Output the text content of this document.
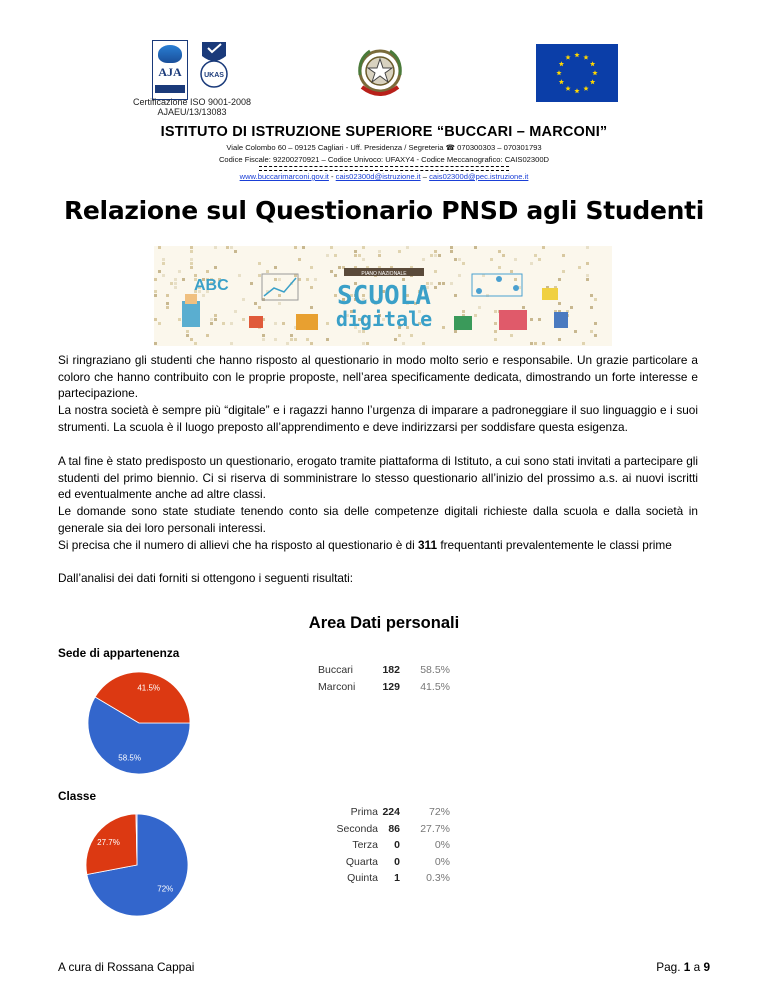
AJA	UKAS
Certificazione ISO 9001-2008
AJAEU/13/13083
ISTITUTO DI ISTRUZIONE SUPERIORE “BUCCARI – MARCONI”
Viale Colombo 60 – 09125 Cagliari - Uff. Presidenza / Segreteria ☎ 070300303 – 070301793
Codice Fiscale: 92200270921 – Codice Univoco: UFAXY4 - Codice Meccanografico: CAIS02300D
www.buccarimarconi.gov.it - cais02300d@istruzione.it – cais02300d@pec.istruzione.it
Relazione sul Questionario PNSD agli Studenti
ABC
PIANO NAZIONALE
SCUOLA
digitale
Si ringraziano gli studenti che hanno risposto al questionario in modo molto serio e responsabile. Un grazie particolare a coloro che hanno contribuito con le proprie proposte, nell’area specificamente dedicata, dimostrando un forte interesse e partecipazione.
La nostra società è sempre più “digitale” e i ragazzi hanno l’urgenza di imparare a padroneggiare il suo linguaggio e i suoi strumenti. La scuola è il luogo preposto all’apprendimento e deve indirizzarsi per soddisfare questa esigenza.
A tal fine è stato predisposto un questionario, erogato tramite piattaforma di Istituto, a cui sono stati invitati a partecipare gli studenti del primo biennio. Ci si riserva di somministrare lo stesso questionario all’inizio del prossimo a.s. ai nuovi iscritti ed eventualmente anche ad altre classi.
Le domande sono state studiate tenendo conto sia delle competenze digitali richieste dalla scuola e dalla società in generale sia dei loro personali interessi.
Si precisa che il numero di allievi che ha risposto al questionario è di 311 frequentanti prevalentemente le classi prime
Dall’analisi dei dati forniti si ottengono i seguenti risultati:
Area Dati personali
Sede di appartenenza
58.5%
41.5%
Buccari	182	58.5%
Marconi	129	41.5%
Classe
72%
27.7%
Prima 224	72%
Seconda 86	27.7%
Terza	0	0%
Quarta	0	0%
Quinta	1	0.3%
A cura di Rossana Cappai	Pag. 1 a 9
